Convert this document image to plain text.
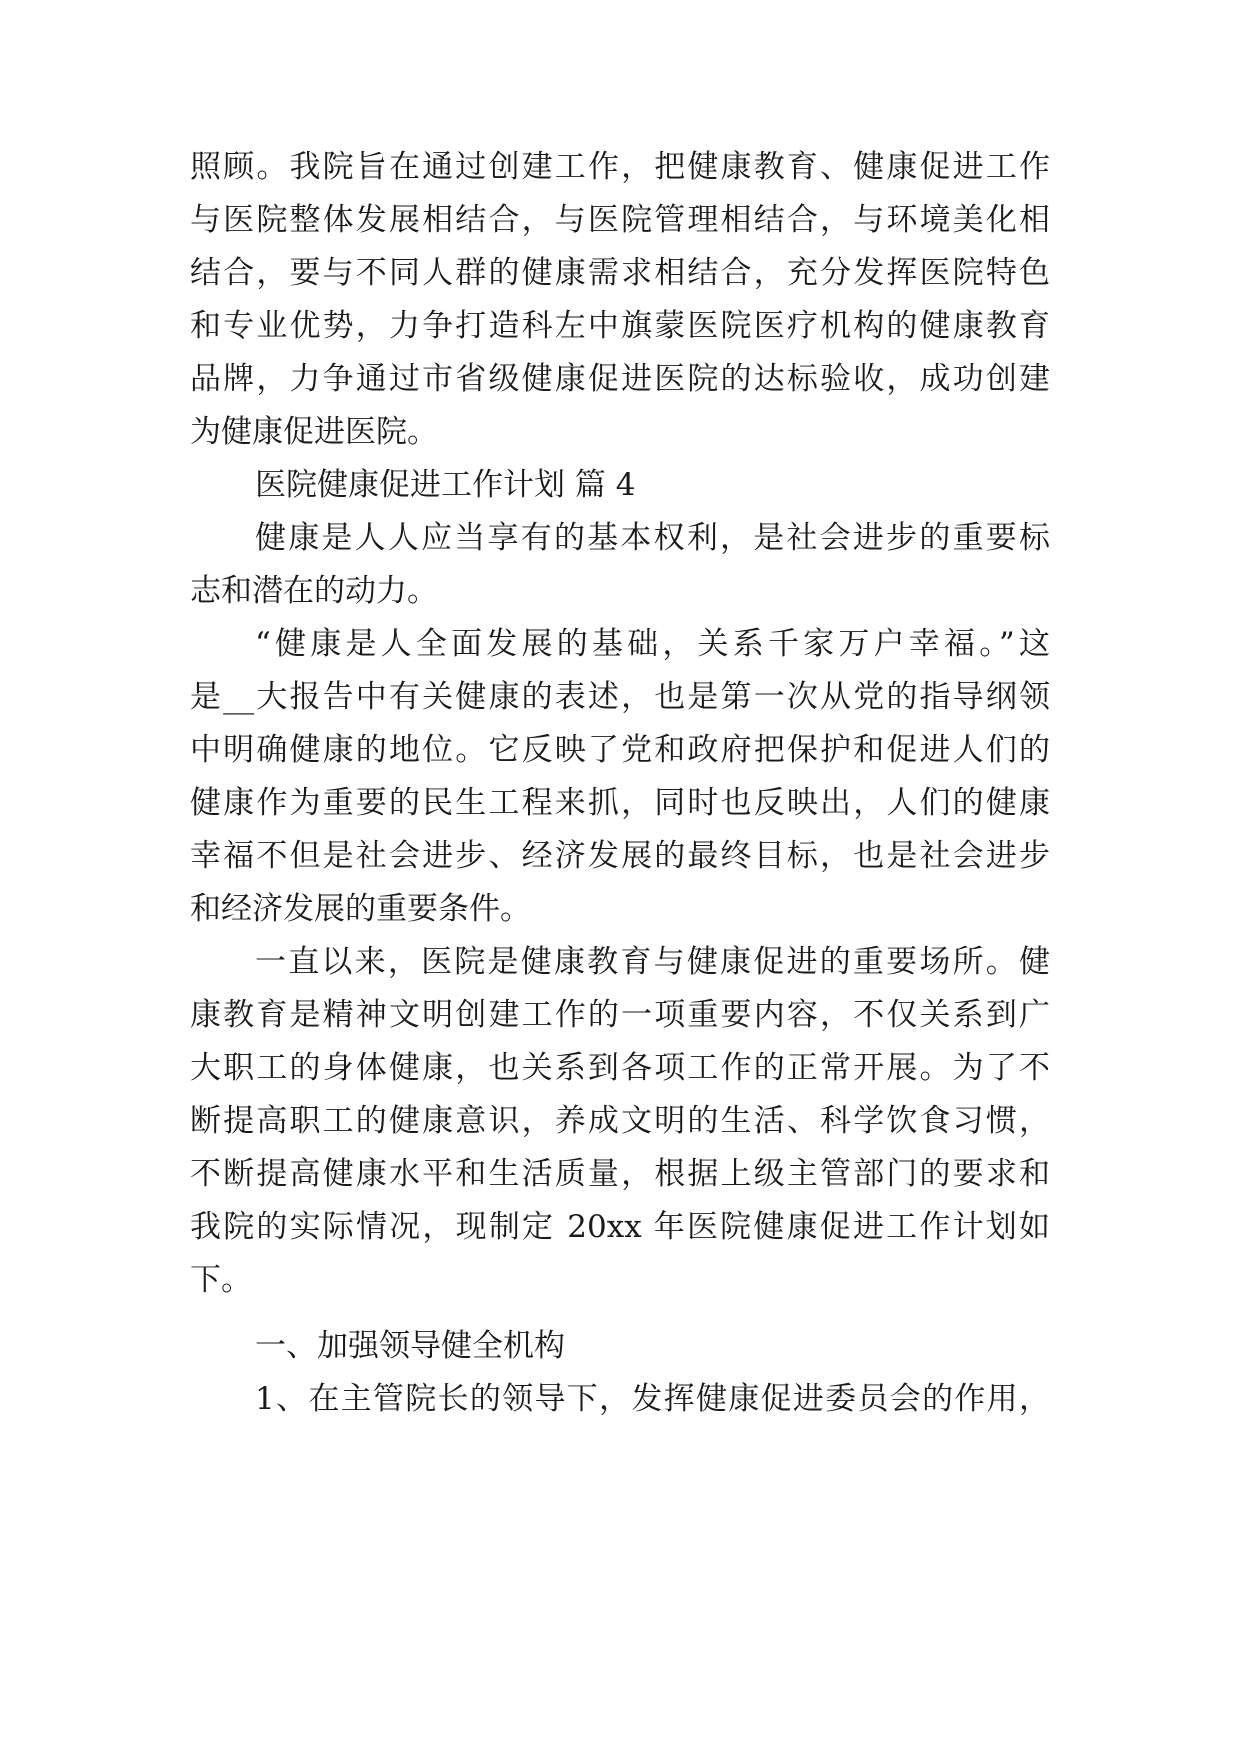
照顾。我院旨在通过创建工作，把健康教育、健康促进工作
与医院整体发展相结合，与医院管理相结合，与环境美化相
结合，要与不同人群的健康需求相结合，充分发挥医院特色
和专业优势，力争打造科左中旗蒙医院医疗机构的健康教育
品牌，力争通过市省级健康促进医院的达标验收，成功创建
为健康促进医院。
医院健康促进工作计划 篇 4
健康是人人应当享有的基本权利，是社会进步的重要标
志和潜在的动力。
“健康是人全面发展的基础，关系千家万户幸福。”这
是__大报告中有关健康的表述，也是第一次从党的指导纲领
中明确健康的地位。它反映了党和政府把保护和促进人们的
健康作为重要的民生工程来抓，同时也反映出，人们的健康
幸福不但是社会进步、经济发展的最终目标，也是社会进步
和经济发展的重要条件。
一直以来，医院是健康教育与健康促进的重要场所。健
康教育是精神文明创建工作的一项重要内容，不仅关系到广
大职工的身体健康，也关系到各项工作的正常开展。为了不
断提高职工的健康意识，养成文明的生活、科学饮食习惯，
不断提高健康水平和生活质量，根据上级主管部门的要求和
我院的实际情况，现制定 20xx 年医院健康促进工作计划如
下。
一、加强领导健全机构
1、在主管院长的领导下，发挥健康促进委员会的作用，
